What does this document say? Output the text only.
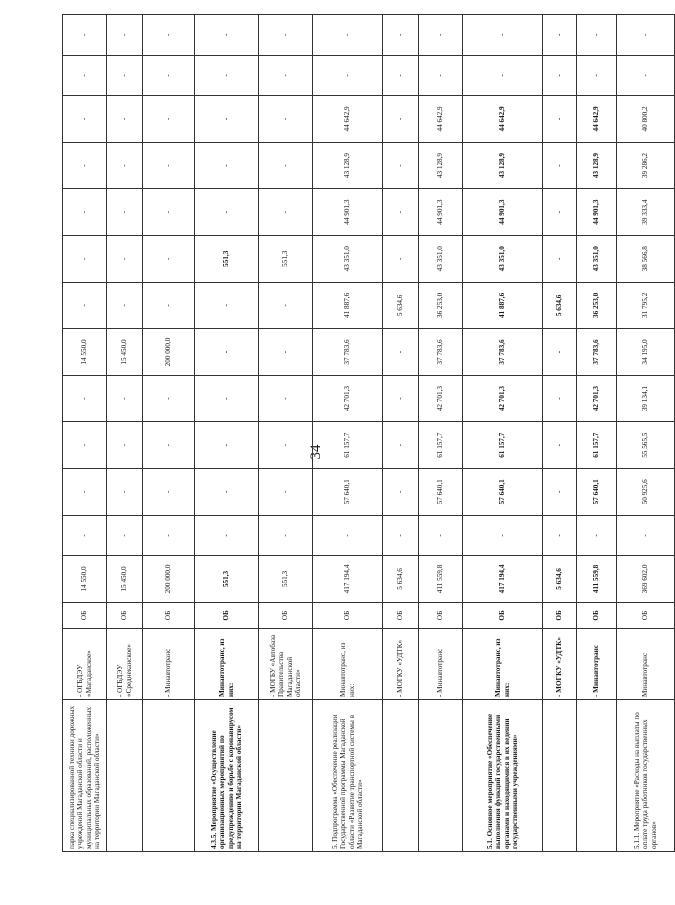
34
парка специализированной техники дорожных учреждений Магаданской области и муниципальных образований, расположенных на территории Магаданской области»	- ОГБДЭУ «Магаданское»	ОБ	14 550,0	-	-	-	-	14 550,0	-	-	-	-	-	-	-
	- ОГБДЭУ «Среднеканское»	ОБ	15 450,0	-	-	-	-	15 450,0	-	-	-	-	-	-	-
	- Минавтотранс	ОБ	200 000,0	-	-	-	-	200 000,0	-	-	-	-	-	-	-
4.3.5. Мероприятие «Осуществление организационных мероприятий по предупреждению и борьбе с коронавирусом на территории Магаданской области»	Минавтотранс, из них:	ОБ	551,3	-	-	-	-	-	-	551,3	-	-	-	-	-
	- МОГБУ «Автобаза Правительства Магаданской области»	ОБ	551,3	-	-	-	-	-	-	551,3	-	-	-	-	-
5. Подпрограмма «Обеспечение реализации Государственной программы Магаданской области «Развитие транспортной системы в Магаданской области»	Минавтотранс, из них:	ОБ	417 194,4	-	57 640,1	61 157,7	42 701,3	37 783,6	41 887,6	43 351,0	44 901,3	43 128,9	44 642,9	-	-
	- МОГКУ «УДТК»	ОБ	5 634,6	-	-	-	-	-	5 634,6	-	-	-	-	-	-
	- Минавтотранс	ОБ	411 559,8	-	57 640,1	61 157,7	42 701,3	37 783,6	36 253,0	43 351,0	44 901,3	43 128,9	44 642,9	-	-
5.1. Основное мероприятие «Обеспечение выполнения функций государственными органами и находящимися в их ведении государственными учреждениями»	Минавтотранс, из них:	ОБ	417 194,4	-	57 640,1	61 157,7	42 701,3	37 783,6	41 887,6	43 351,0	44 901,3	43 128,9	44 642,9	-	-
	- МОГКУ «УДТК»	ОБ	5 634,6	-	-	-	-	-	5 634,6	-	-	-	-	-	-
	- Минавтотранс	ОБ	411 559,8	-	57 640,1	61 157,7	42 701,3	37 783,6	36 253,0	43 351,0	44 901,3	43 128,9	44 642,9	-	-
5.1.1. Мероприятие «Расходы на выплаты по оплате труда работников государственных органов»	Минавтотранс	ОБ	369 602,0	-	50 925,6	55 565,5	39 134,1	34 195,0	31 795,2	38 566,8	39 333,4	39 286,2	40 800,2	-	-
